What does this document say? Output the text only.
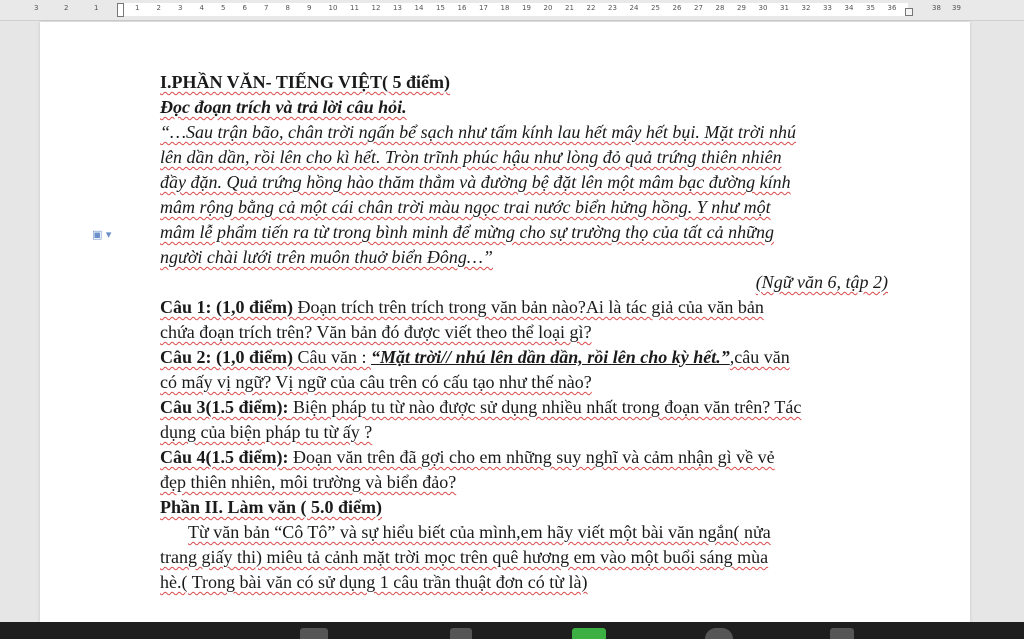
3	2	1	1 2 3 4 5 6 7 8 9 10 11 12 13 14 15 16 17 18 19 20 21 22 23 24 25 26 27 28 29 30 31 32 33 34 35 36	38 39
▣ ▾
I.PHẦN VĂN- TIẾNG VIỆT( 5 điểm)
Đọc đoạn trích và trả lời câu hỏi.
“…Sau trận bão, chân trời ngấn bể sạch như tấm kính lau hết mây hết bụi. Mặt trời nhú
lên dần dần, rồi lên cho kì hết. Tròn trĩnh phúc hậu như lòng đỏ quả trứng thiên nhiên
đầy đặn. Quả trứng hồng hào thăm thẳm và đường bệ đặt lên một mâm bạc đường kính
mâm rộng bằng cả một cái chân trời màu ngọc trai nước biển hửng hồng. Y như một
mâm lễ phẩm tiến ra từ trong bình minh để mừng cho sự trường thọ của tất cả những
người chài lưới trên muôn thuở biển Đông…”
(Ngữ văn 6, tập 2)
Câu 1: (1,0 điểm) Đoạn trích trên trích trong văn bản nào?Ai là tác giả của văn bản
chứa đoạn trích trên? Văn bản đó được viết theo thể loại gì?
Câu 2: (1,0 điểm) Câu văn : “Mặt trời// nhú lên dần dần, rồi lên cho kỳ hết.”,câu văn
có mấy vị ngữ? Vị ngữ của câu trên có cấu tạo như thế nào?
Câu 3(1.5 điểm): Biện pháp tu từ nào được sử dụng nhiều nhất trong đoạn văn trên? Tác
dụng của biện pháp tu từ ấy ?
Câu 4(1.5 điểm): Đoạn văn trên đã gợi cho em những suy nghĩ và cảm nhận gì về vẻ
đẹp thiên nhiên, môi trường và biển đảo?
Phần II. Làm văn ( 5.0 điểm)
Từ văn bản “Cô Tô” và sự hiểu biết của mình,em hãy viết một bài văn ngắn( nửa
trang giấy thi) miêu tả cảnh mặt trời mọc trên quê hương em vào một buổi sáng mùa
hè.( Trong bài văn có sử dụng 1 câu trần thuật đơn có từ là)
